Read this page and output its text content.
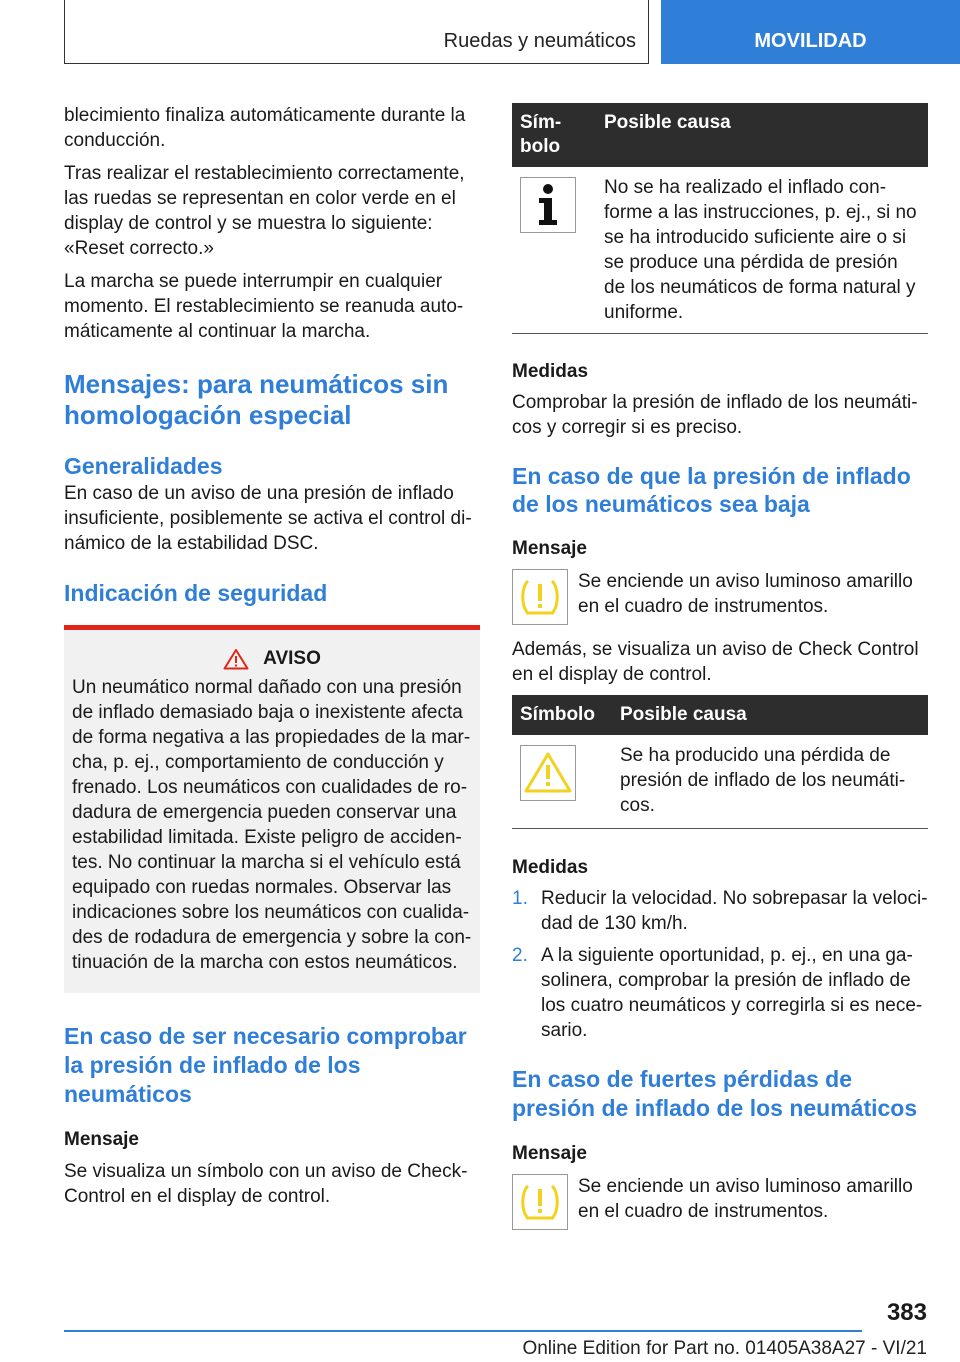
Ruedas y neumáticos	MOVILIDAD

blecimiento finaliza automáticamente durante la conducción.

Tras realizar el restablecimiento correctamente, las ruedas se representan en color verde en el display de control y se muestra lo siguiente: «Reset correcto.»

La marcha se puede interrumpir en cualquier momento. El restablecimiento se reanuda automáticamente al continuar la marcha.

Mensajes: para neumáticos sin homologación especial
Generalidades

En caso de un aviso de una presión de inflado insuficiente, posiblemente se activa el control dinámico de la estabilidad DSC.

Indicación de seguridad
AVISO

Un neumático normal dañado con una presión de inflado demasiado baja o inexistente afecta de forma negativa a las propiedades de la marcha, p. ej., comportamiento de conducción y frenado. Los neumáticos con cualidades de rodadura de emergencia pueden conservar una estabilidad limitada. Existe peligro de accidentes. No continuar la marcha si el vehículo está equipado con ruedas normales. Observar las indicaciones sobre los neumáticos con cualidades de rodadura de emergencia y sobre la continuación de la marcha con estos neumáticos.

En caso de ser necesario comprobar la presión de inflado de los neumáticos
Mensaje

Se visualiza un símbolo con un aviso de Check-Control en el display de control.

Símbolo	Posible causa

	No se ha realizado el inflado conforme a las instrucciones, p. ej., si no se ha introducido suficiente aire o si se produce una pérdida de presión de los neumáticos de forma natural y uniforme.
Medidas

Comprobar la presión de inflado de los neumáticos y corregir si es preciso.

En caso de que la presión de inflado de los neumáticos sea baja
Mensaje

Se enciende un aviso luminoso amarillo en el cuadro de instrumentos.

Además, se visualiza un aviso de Check Control en el display de control.

Símbolo	Posible causa

	Se ha producido una pérdida de presión de inflado de los neumáticos.
Medidas
1. Reducir la velocidad. No sobrepasar la velocidad de 130 km/h.
2. A la siguiente oportunidad, p. ej., en una gasolinera, comprobar la presión de inflado de los cuatro neumáticos y corregirla si es necesario.
En caso de fuertes pérdidas de presión de inflado de los neumáticos
Mensaje

Se enciende un aviso luminoso amarillo en el cuadro de instrumentos.

383
Online Edition for Part no. 01405A38A27 - VI/21
